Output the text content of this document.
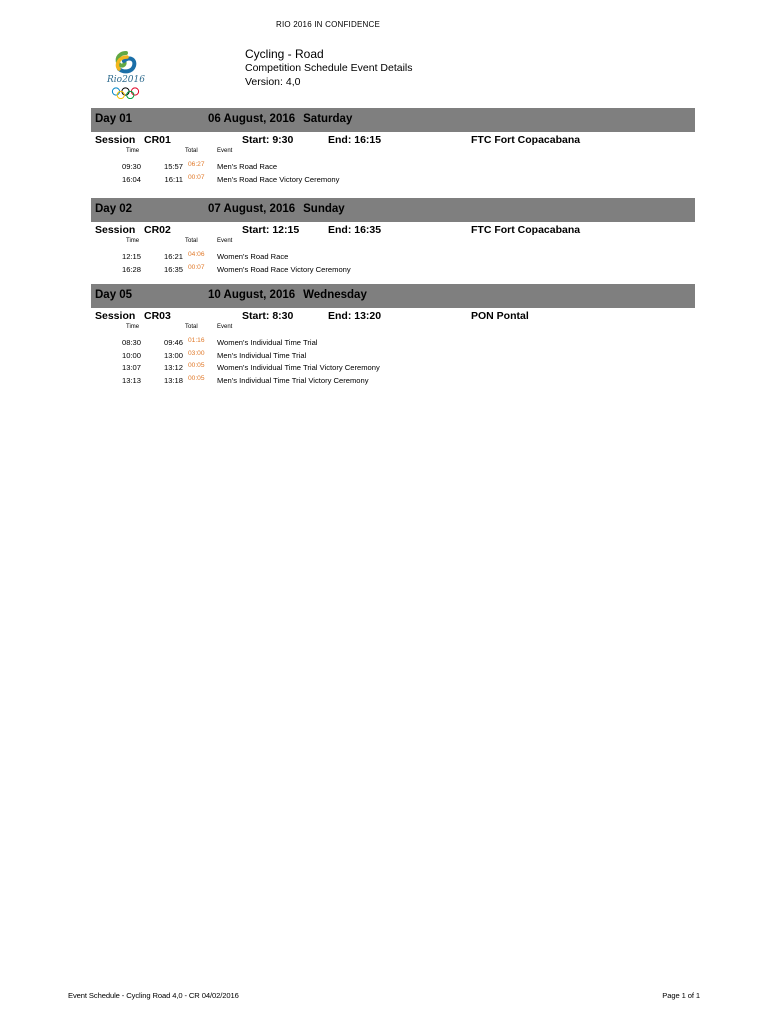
RIO 2016 IN CONFIDENCE
Rio2016
Cycling - Road
Competition Schedule Event Details
Version: 4,0
Day 01	06 August, 2016 Saturday
Session CR01	Start: 9:30	End: 16:15	FTC Fort Copacabana
Time	Total	Event
09:30	15:57 06:27 Men's Road Race
16:04	16:11 00:07 Men's Road Race Victory Ceremony
Day 02	07 August, 2016 Sunday
Session CR02	Start: 12:15	End: 16:35	FTC Fort Copacabana
Time	Total	Event
12:15	16:21 04:06 Women's Road Race
16:28	16:35 00:07 Women's Road Race Victory Ceremony
Day 05	10 August, 2016 Wednesday
Session CR03	Start: 8:30	End: 13:20	PON Pontal
Time	Total	Event
08:30	09:46 01:16 Women's Individual Time Trial
10:00	13:00 03:00 Men's Individual Time Trial
13:07	13:12 00:05 Women's Individual Time Trial Victory Ceremony
13:13	13:18 00:05 Men's Individual Time Trial Victory Ceremony
Event Schedule - Cycling Road 4,0 - CR 04/02/2016	Page 1 of 1
